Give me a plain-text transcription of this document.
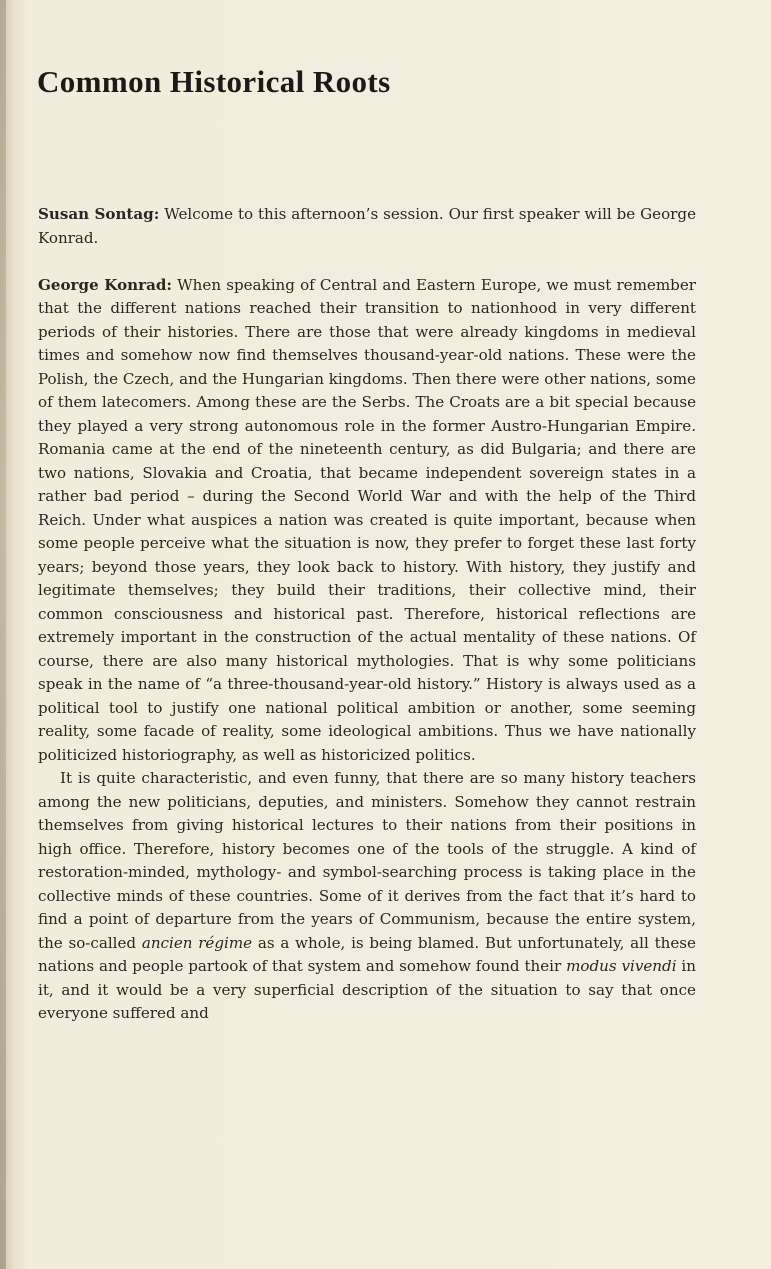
Common Historical Roots

Susan Sontag: Welcome to this afternoon’s session. Our first speaker will be George Konrad.

George Konrad: When speaking of Central and Eastern Europe, we must remember that the different nations reached their transition to nationhood in very different periods of their histories. There are those that were already kingdoms in medieval times and somehow now find themselves thousand-year-old nations. These were the Polish, the Czech, and the Hungarian kingdoms. Then there were other nations, some of them latecomers. Among these are the Serbs. The Croats are a bit special because they played a very strong autonomous role in the former Austro-Hungarian Empire. Romania came at the end of the nineteenth century, as did Bulgaria; and there are two nations, Slovakia and Croatia, that became independent sovereign states in a rather bad period – during the Second World War and with the help of the Third Reich. Under what auspices a nation was created is quite important, because when some people perceive what the situation is now, they prefer to forget these last forty years; beyond those years, they look back to history. With history, they justify and legitimate themselves; they build their traditions, their collective mind, their common consciousness and historical past. Therefore, historical reflections are extremely important in the construction of the actual mentality of these nations. Of course, there are also many historical mythologies. That is why some politicians speak in the name of “a three-thousand-year-old history.” History is always used as a political tool to justify one national political ambition or another, some seeming reality, some facade of reality, some ideological ambitions. Thus we have nationally politicized historiography, as well as historicized politics.

It is quite characteristic, and even funny, that there are so many history teachers among the new politicians, deputies, and ministers. Somehow they cannot restrain themselves from giving historical lectures to their nations from their positions in high office. Therefore, history becomes one of the tools of the struggle. A kind of restoration-minded, mythology- and symbol-searching process is taking place in the collective minds of these countries. Some of it derives from the fact that it’s hard to find a point of departure from the years of Communism, because the entire system, the so-called ancien régime as a whole, is being blamed. But unfortunately, all these nations and people partook of that system and somehow found their modus vivendi in it, and it would be a very superficial description of the situation to say that once everyone suffered and
